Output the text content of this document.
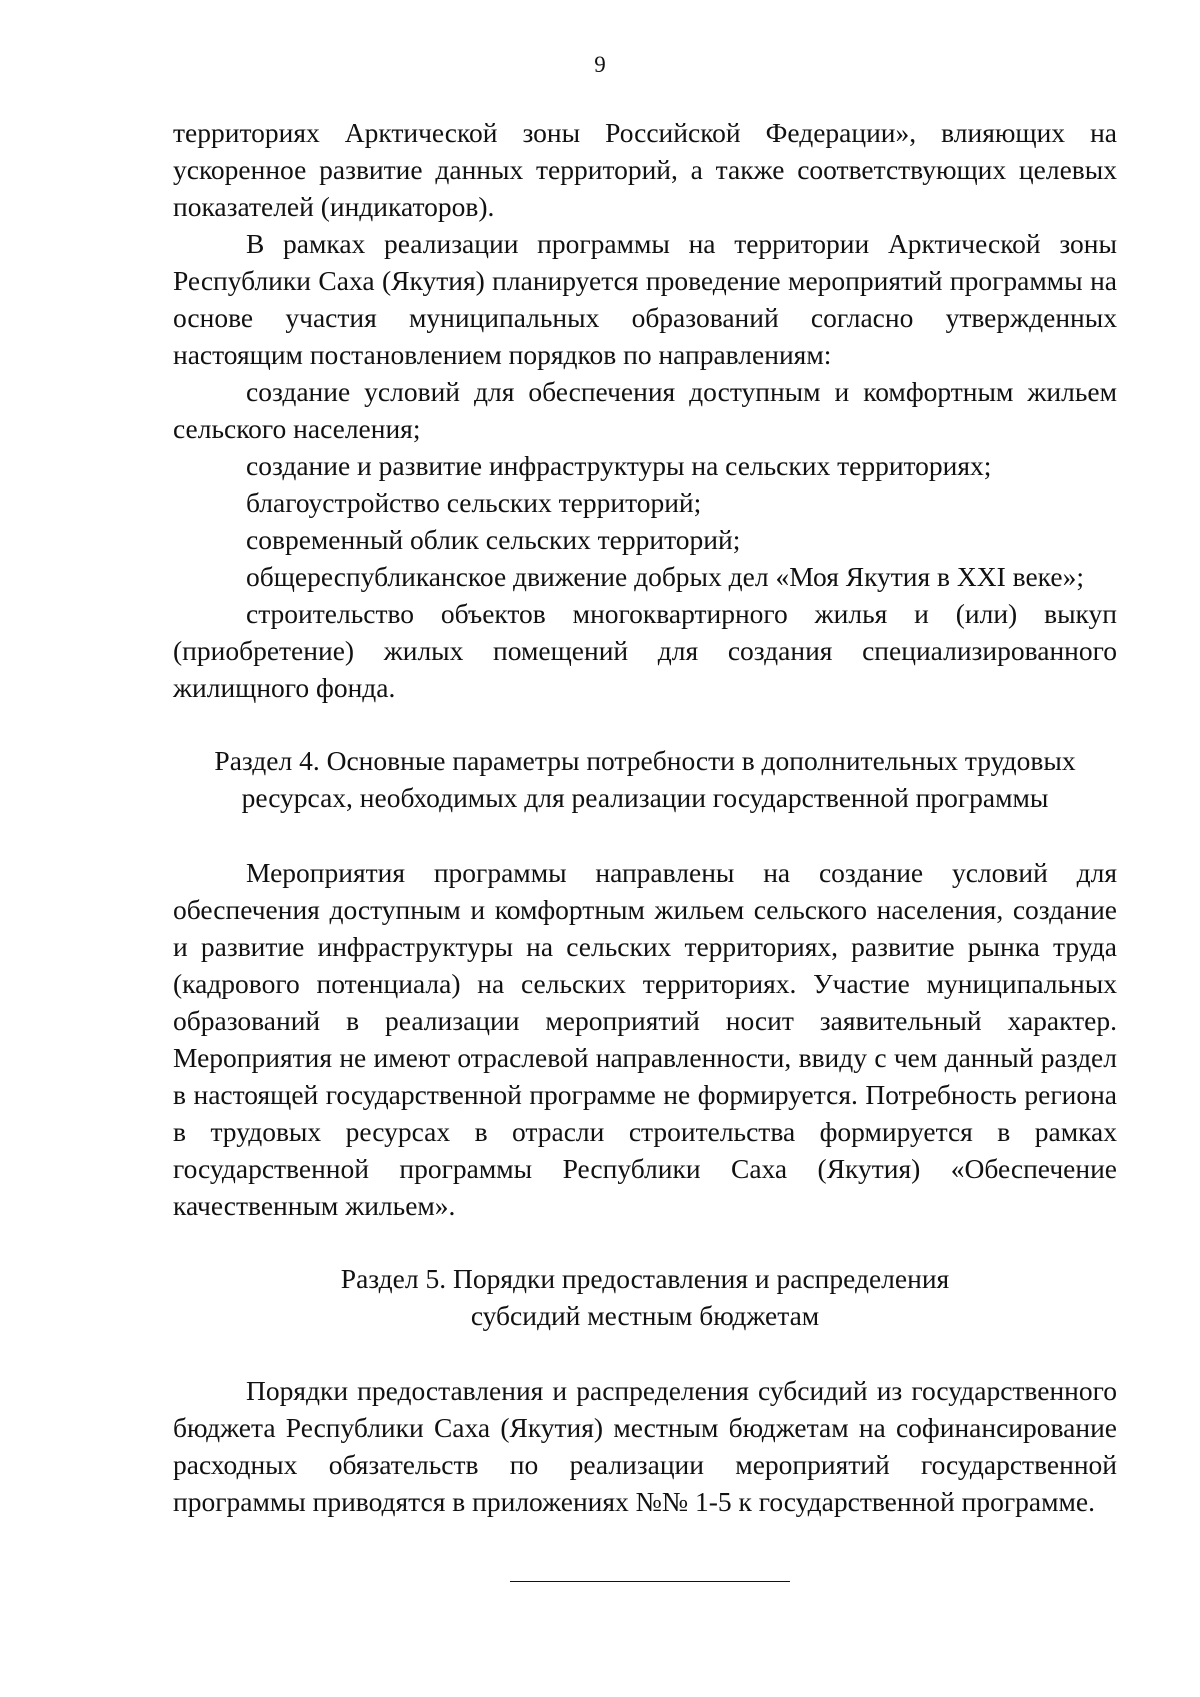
9

территориях Арктической зоны Российской Федерации», влияющих на ускоренное развитие данных территорий, а также соответствующих целевых показателей (индикаторов).

В рамках реализации программы на территории Арктической зоны Республики Саха (Якутия) планируется проведение мероприятий программы на основе участия муниципальных образований согласно утвержденных настоящим постановлением порядков по направлениям:

создание условий для обеспечения доступным и комфортным жильем сельского населения;

создание и развитие инфраструктуры на сельских территориях;

благоустройство сельских территорий;

современный облик сельских территорий;

общереспубликанское движение добрых дел «Моя Якутия в XXI веке»;

строительство объектов многоквартирного жилья и (или) выкуп (приобретение) жилых помещений для создания специализированного жилищного фонда.

Раздел 4. Основные параметры потребности в дополнительных трудовых
ресурсах, необходимых для реализации государственной программы

Мероприятия программы направлены на создание условий для обеспечения доступным и комфортным жильем сельского населения, создание и развитие инфраструктуры на сельских территориях, развитие рынка труда (кадрового потенциала) на сельских территориях. Участие муниципальных образований в реализации мероприятий носит заявительный характер. Мероприятия не имеют отраслевой направленности, ввиду с чем данный раздел в настоящей государственной программе не формируется. Потребность региона в трудовых ресурсах в отрасли строительства формируется в рамках государственной программы Республики Саха (Якутия) «Обеспечение качественным жильем».

Раздел 5. Порядки предоставления и распределения
субсидий местным бюджетам

Порядки предоставления и распределения субсидий из государственного бюджета Республики Саха (Якутия) местным бюджетам на софинансирование расходных обязательств по реализации мероприятий государственной программы приводятся в приложениях №№ 1-5 к государственной программе.
